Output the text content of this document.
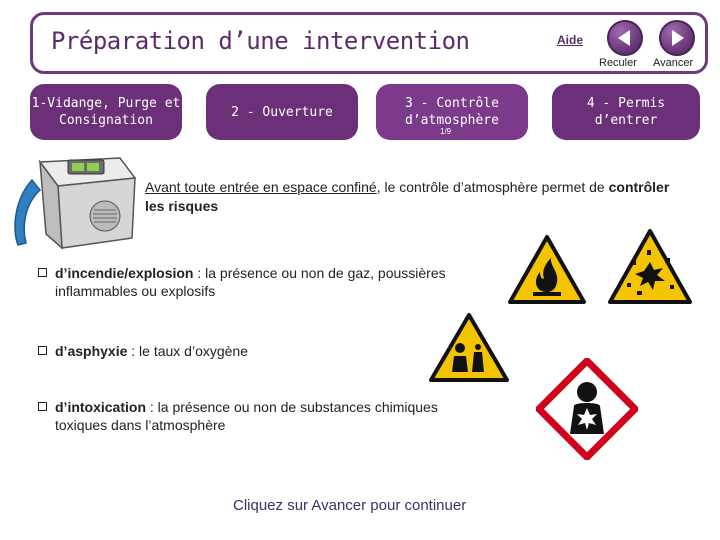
Préparation d’une intervention	Aide
Reculer Avancer
1-Vidange, Purge et Consignation
2 - Ouverture
3 - Contrôle d’atmosphère
4 - Permis d’entrer
1/9
Avant toute entrée en espace confiné, le contrôle d’atmosphère permet de contrôler les risques
d’incendie/explosion : la présence ou non de gaz, poussières
inflammables ou explosifs
d’asphyxie : le taux d’oxygène
d’intoxication : la présence ou non de substances chimiques
toxiques dans l’atmosphère
Cliquez sur Avancer pour continuer
